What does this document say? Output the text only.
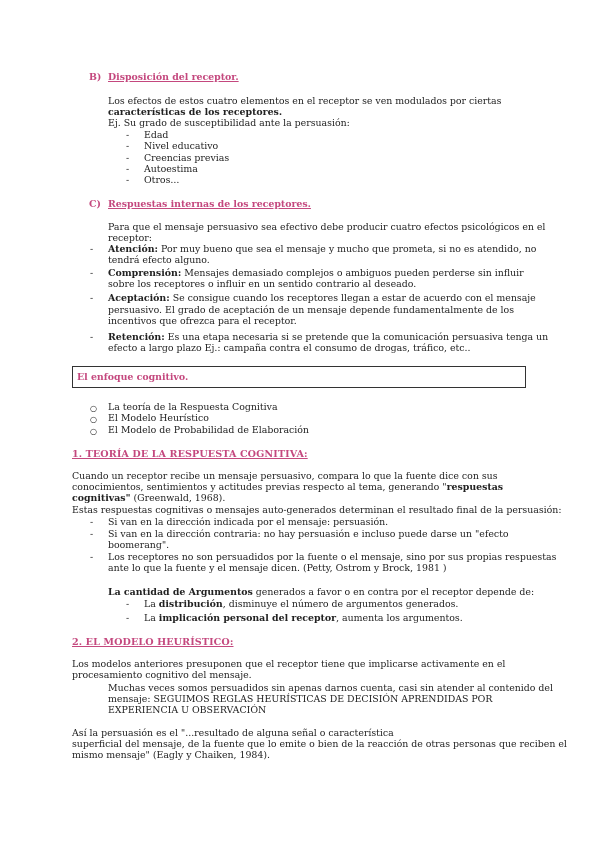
B) Disposición del receptor.
Los efectos de estos cuatro elementos en el receptor se ven modulados por ciertas
características de los receptores.
Ej. Su grado de susceptibilidad ante la persuasión:
- Edad
- Nivel educativo
- Creencias previas
- Autoestima
- Otros...
C) Respuestas internas de los receptores.
Para que el mensaje persuasivo sea efectivo debe producir cuatro efectos psicológicos en el
receptor:
- Atención: Por muy bueno que sea el mensaje y mucho que prometa, si no es atendido, no
tendrá efecto alguno.
- Comprensión: Mensajes demasiado complejos o ambiguos pueden perderse sin influir
sobre los receptores o influir en un sentido contrario al deseado.
- Aceptación: Se consigue cuando los receptores llegan a estar de acuerdo con el mensaje
persuasivo. El grado de aceptación de un mensaje depende fundamentalmente de los
incentivos que ofrezca para el receptor.
- Retención: Es una etapa necesaria si se pretende que la comunicación persuasiva tenga un
efecto a largo plazo Ej.: campaña contra el consumo de drogas, tráfico, etc..
El enfoque cognitivo.
○ La teoría de la Respuesta Cognitiva
○ El Modelo Heurístico
○ El Modelo de Probabilidad de Elaboración
1. TEORÍA DE LA RESPUESTA COGNITIVA:
Cuando un receptor recibe un mensaje persuasivo, compara lo que la fuente dice con sus
conocimientos, sentimientos y actitudes previas respecto al tema, generando "respuestas
cognitivas" (Greenwald, 1968).
Estas respuestas cognitivas o mensajes auto-generados determinan el resultado final de la persuasión:
- Si van en la dirección indicada por el mensaje: persuasión.
- Si van en la dirección contraria: no hay persuasión e incluso puede darse un "efecto
boomerang".
- Los receptores no son persuadidos por la fuente o el mensaje, sino por sus propias respuestas
ante lo que la fuente y el mensaje dicen. (Petty, Ostrom y Brock, 1981 )
La cantidad de Argumentos generados a favor o en contra por el receptor depende de:
- La distribución, disminuye el número de argumentos generados.
- La implicación personal del receptor, aumenta los argumentos.
2. EL MODELO HEURÍSTICO:
Los modelos anteriores presuponen que el receptor tiene que implicarse activamente en el
procesamiento cognitivo del mensaje.
Muchas veces somos persuadidos sin apenas darnos cuenta, casi sin atender al contenido del
mensaje: SEGUIMOS REGLAS HEURÍSTICAS DE DECISIÓN APRENDIDAS POR
EXPERIENCIA U OBSERVACIÓN
Así la persuasión es el "...resultado de alguna señal o característica
superficial del mensaje, de la fuente que lo emite o bien de la reacción de otras personas que reciben el
mismo mensaje" (Eagly y Chaiken, 1984).
